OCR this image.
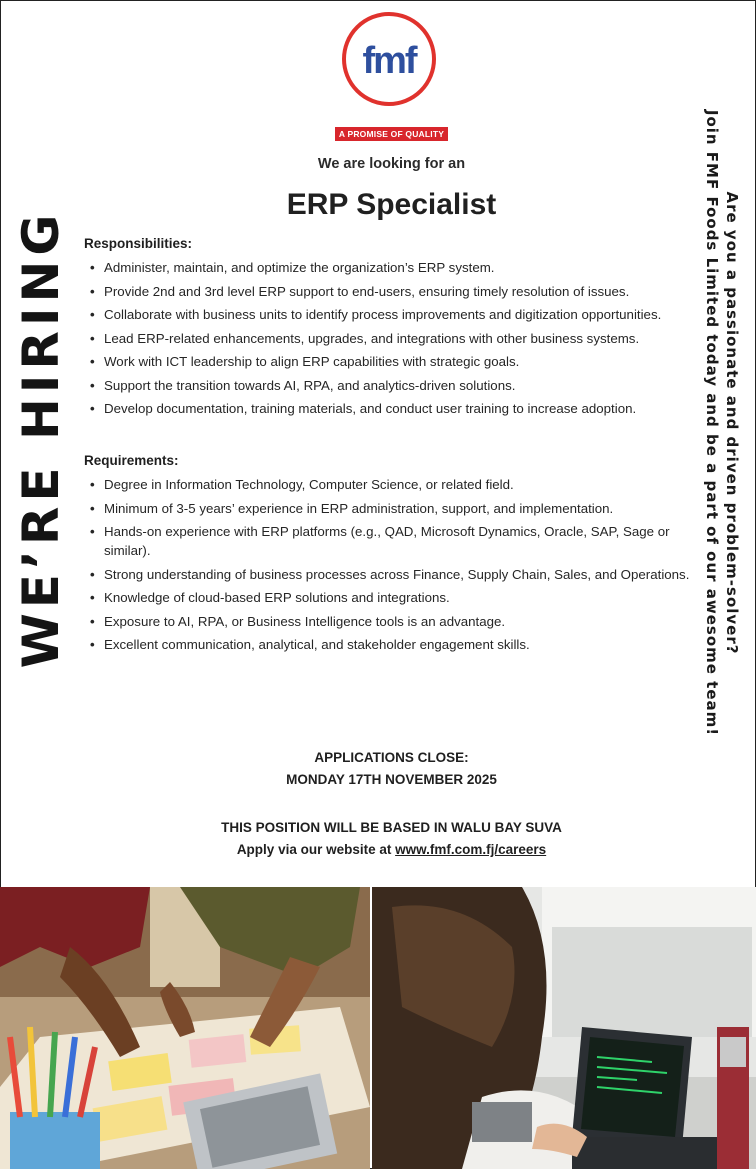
fmf
A PROMISE OF QUALITY
We are looking for an
ERP Specialist
WE’RE HIRING	Are you a passionate and driven problem-solver?
Join FMF Foods Limited today and be a part of our awesome team!
Responsibilities:
• Administer, maintain, and optimize the organization’s ERP system.
• Provide 2nd and 3rd level ERP support to end-users, ensuring timely resolution of issues.
• Collaborate with business units to identify process improvements and digitization opportunities.
• Lead ERP-related enhancements, upgrades, and integrations with other business systems.
• Work with ICT leadership to align ERP capabilities with strategic goals.
• Support the transition towards AI, RPA, and analytics-driven solutions.
• Develop documentation, training materials, and conduct user training to increase adoption.
Requirements:
• Degree in Information Technology, Computer Science, or related field.
• Minimum of 3-5 years’ experience in ERP administration, support, and implementation.
• Hands-on experience with ERP platforms (e.g., QAD, Microsoft Dynamics, Oracle, SAP, Sage or similar).
• Strong understanding of business processes across Finance, Supply Chain, Sales, and Operations.
• Knowledge of cloud-based ERP solutions and integrations.
• Exposure to AI, RPA, or Business Intelligence tools is an advantage.
• Excellent communication, analytical, and stakeholder engagement skills.
APPLICATIONS CLOSE:
MONDAY 17TH NOVEMBER 2025
THIS POSITION WILL BE BASED IN WALU BAY SUVA
Apply via our website at www.fmf.com.fj/careers
